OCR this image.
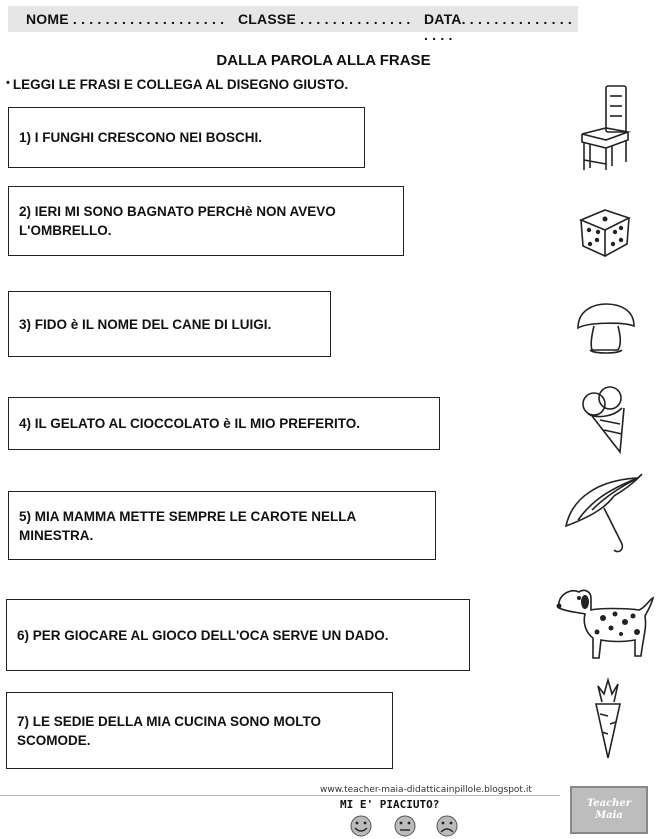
NOME . . . . . . . . . . . . . . . . . . . CLASSE . . . . . . . . . . . . . . DATA. . . . . . . . . . . . . . . . . .
DALLA PAROLA ALLA FRASE
• LEGGI LE FRASI E COLLEGA AL DISEGNO GIUSTO.

1) I FUNGHI CRESCONO NEI BOSCHI.

2) IERI MI SONO BAGNATO PERCHè NON AVEVO
L'OMBRELLO.

3) FIDO è IL NOME DEL CANE DI LUIGI.

4) IL GELATO AL CIOCCOLATO è IL MIO PREFERITO.

5) MIA MAMMA METTE SEMPRE LE CAROTE NELLA
MINESTRA.

6) PER GIOCARE AL GIOCO DELL'OCA SERVE UN DADO.

7) LE SEDIE DELLA MIA CUCINA SONO MOLTO
SCOMODE.

www.teacher-maia-didatticainpillole.blogspot.it
MI E' PIACIUTO?	Teacher
Maia
